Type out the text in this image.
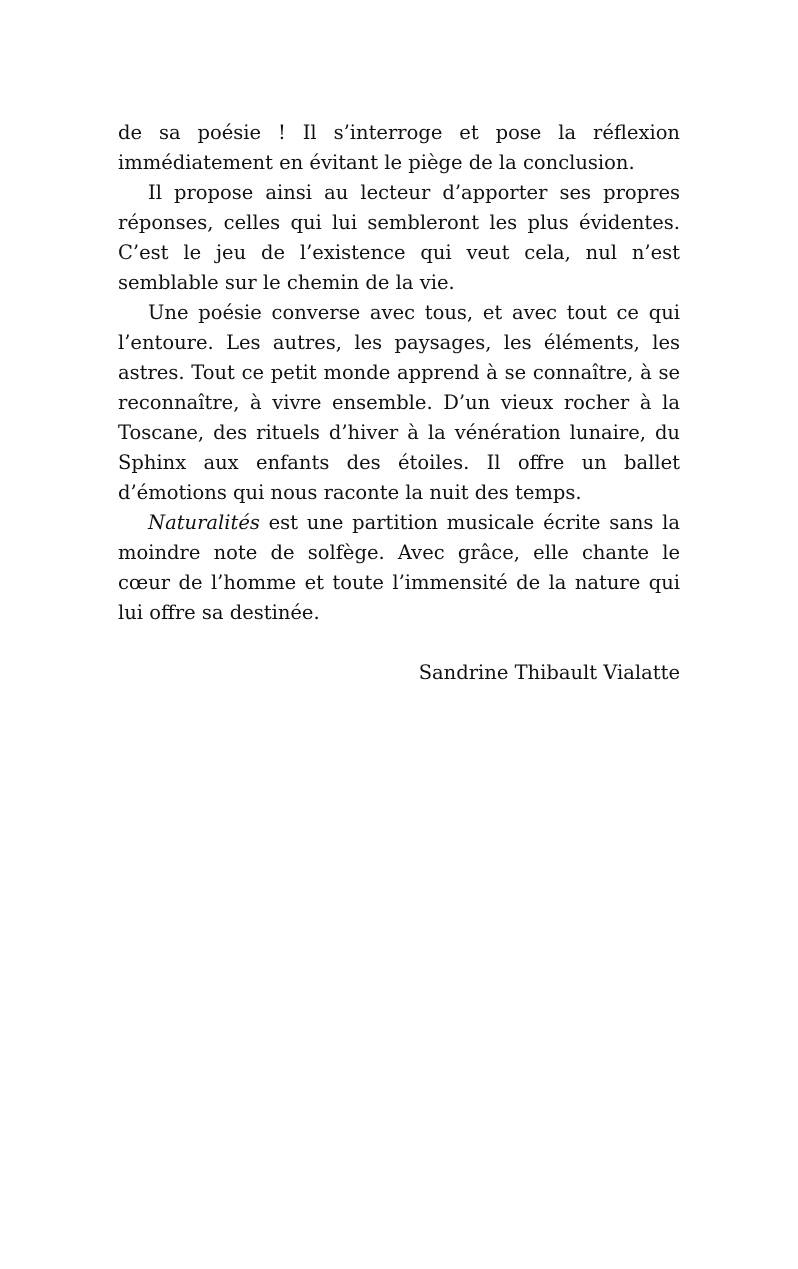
de sa poésie ! Il s’interroge et pose la réflexion immédiatement en évitant le piège de la conclusion.

Il propose ainsi au lecteur d’apporter ses propres réponses, celles qui lui sembleront les plus évidentes. C’est le jeu de l’existence qui veut cela, nul n’est semblable sur le chemin de la vie.

Une poésie converse avec tous, et avec tout ce qui l’entoure. Les autres, les paysages, les éléments, les astres. Tout ce petit monde apprend à se connaître, à se reconnaître, à vivre ensemble. D’un vieux rocher à la Toscane, des rituels d’hiver à la vénération lunaire, du Sphinx aux enfants des étoiles. Il offre un ballet d’émotions qui nous raconte la nuit des temps.

Naturalités est une partition musicale écrite sans la moindre note de solfège. Avec grâce, elle chante le cœur de l’homme et toute l’immensité de la nature qui lui offre sa destinée.

Sandrine Thibault Vialatte
